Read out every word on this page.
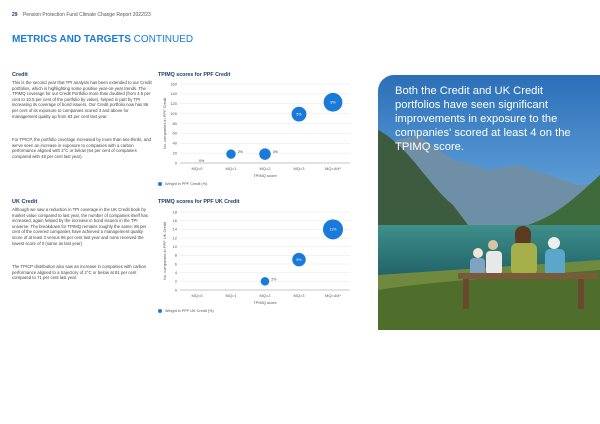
29 Pension Protection Fund Climate Change Report 2022/23
METRICS AND TARGETS CONTINUED
Credit

This is the second year that TPI analysis has been extended to our Credit portfolios, which is highlighting some positive year-on-year trends. The TPIMQ coverage for our Credit Portfolio more than doubled (from 4.5 per cent to 10.5 per cent of the portfolio by value), helped in part by TPI increasing its coverage of bond issuers. Our Credit portfolio now has 86 per cent of its exposure to companies scored 3 and above for management quality up from 83 per cent last year.

For TPICP, the portfolio coverage increased by more than two-thirds, and we've seen an increase in exposure to companies with a carbon performance aligned with 2°C or below (64 per cent of companies compared with 48 per cent last year).

TPIMQ scores for PPF Credit
0
20
40
60
80
100
120
140
160
MQ=0	MQ=1	MQ=2	MQ=3	MQ=4/4*
TPIMQ score
No. companies in PPF Credit
0%
2%	3%
5%
8%
Weight in PPF Credit (%)
UK Credit

Although we saw a reduction in TPI coverage in the UK Credit book by market value compared to last year, the number of companies itself has increased, again helped by the increase in bond issuers in the TPI universe. The breakdown for TPIMQ remains roughly the same: 88 per cent of the covered companies have achieved a management quality score of at least 3 versus 86 per cent last year and none received the lowest score of 0 (same as last year).

The TPICP distribution also saw an increase in companies with carbon performance aligned to a trajectory of 2°C or below at 81 per cent compared to 71 per cent last year.

TPIMQ scores for PPF UK Credit
0
2
4
6
8
10
12
14
16
18
MQ=0	MQ=1	MQ=2	MQ=3	MQ=4/4*
TPIMQ score
No. companies in PPF UK Credit	2%
5%
11%
Weight in PPF UK Credit (%)

Both the Credit and UK Credit portfolios have seen significant improvements in exposure to the companies' scored at least 4 on the TPIMQ score.
